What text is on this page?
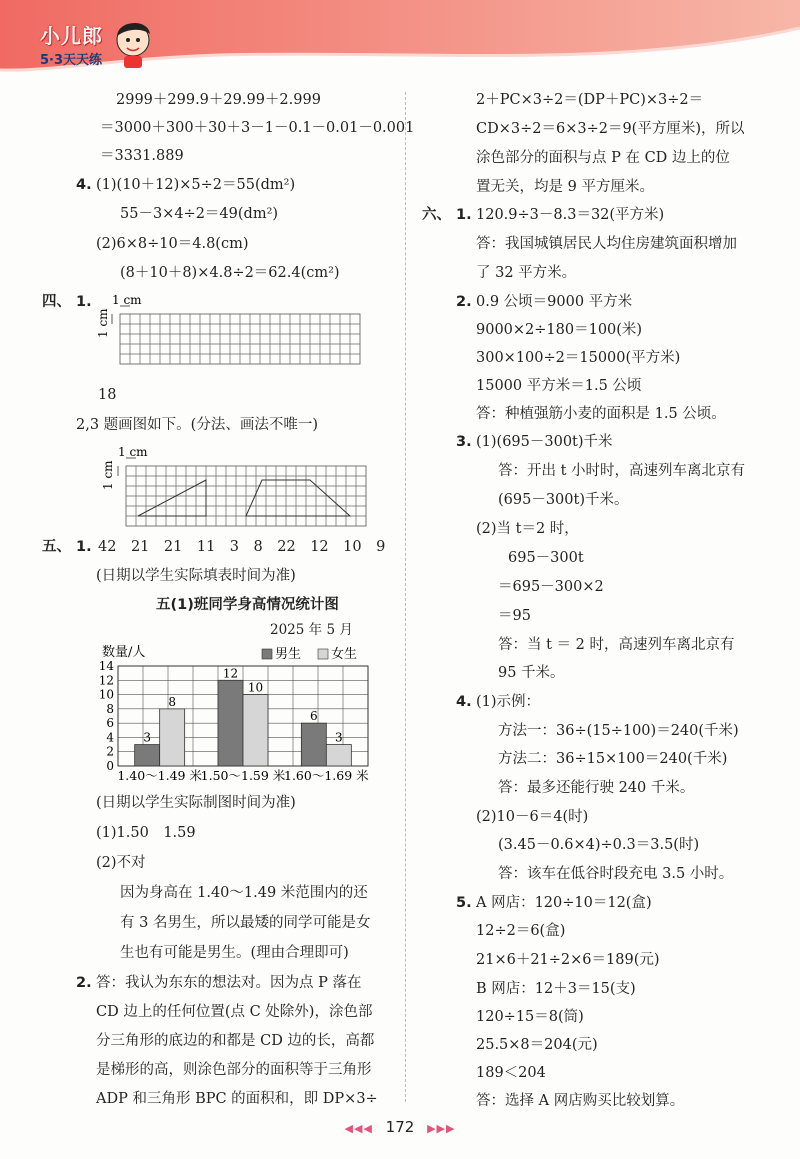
小儿郎
5·3天天练
2999＋299.9＋29.99＋2.999
＝3000＋300＋30＋3－1－0.1－0.01－0.001
＝3331.889
4. (1)(10＋12)×5÷2＝55(dm²)
55－3×4÷2＝49(dm²)
(2)6×8÷10＝4.8(cm)
(8＋10＋8)×4.8÷2＝62.4(cm²)
四、 1. 1 cm
1 cm
18
2,3 题画图如下。(分法、画法不唯一)
1 cm
1 cm
五、 1. 42　21　21　11　3　8　22　12　10　9
(日期以学生实际填表时间为准)
五(1)班同学身高情况统计图
2025 年 5 月
数量/人	男生 女生
0
2
4
6
8
10
12
14
3
8
1.40～1.49 米
12
10
1.50～1.59 米
6
3
1.60～1.69 米
(日期以学生实际制图时间为准)
(1)1.50　1.59
(2)不对
因为身高在 1.40～1.49 米范围内的还
有 3 名男生，所以最矮的同学可能是女
生也有可能是男生。(理由合理即可)
2. 答：我认为东东的想法对。因为点 P 落在
CD 边上的任何位置(点 C 处除外)，涂色部
分三角形的底边的和都是 CD 边的长，高都
是梯形的高，则涂色部分的面积等于三角形
ADP 和三角形 BPC 的面积和，即 DP×3÷
2＋PC×3÷2＝(DP＋PC)×3÷2＝
CD×3÷2＝6×3÷2＝9(平方厘米)，所以
涂色部分的面积与点 P 在 CD 边上的位
置无关，均是 9 平方厘米。
六、 1. 120.9÷3－8.3＝32(平方米)
答：我国城镇居民人均住房建筑面积增加
了 32 平方米。
2. 0.9 公顷＝9000 平方米
9000×2÷180＝100(米)
300×100÷2＝15000(平方米)
15000 平方米＝1.5 公顷
答：种植强筋小麦的面积是 1.5 公顷。
3. (1)(695－300t)千米
答：开出 t 小时时，高速列车离北京有
(695－300t)千米。
(2)当 t＝2 时，
695－300t
＝695－300×2
＝95
答：当 t ＝ 2 时，高速列车离北京有
95 千米。
4. (1)示例：
方法一：36÷(15÷100)＝240(千米)
方法二：36÷15×100＝240(千米)
答：最多还能行驶 240 千米。
(2)10－6＝4(时)
(3.45－0.6×4)÷0.3＝3.5(时)
答：该车在低谷时段充电 3.5 小时。
5. A 网店：120÷10＝12(盒)
12÷2＝6(盒)
21×6＋21÷2×6＝189(元)
B 网店：12＋3＝15(支)
120÷15＝8(筒)
25.5×8＝204(元)
189＜204
答：选择 A 网店购买比较划算。
◀◀◀ 172 ▶▶▶
